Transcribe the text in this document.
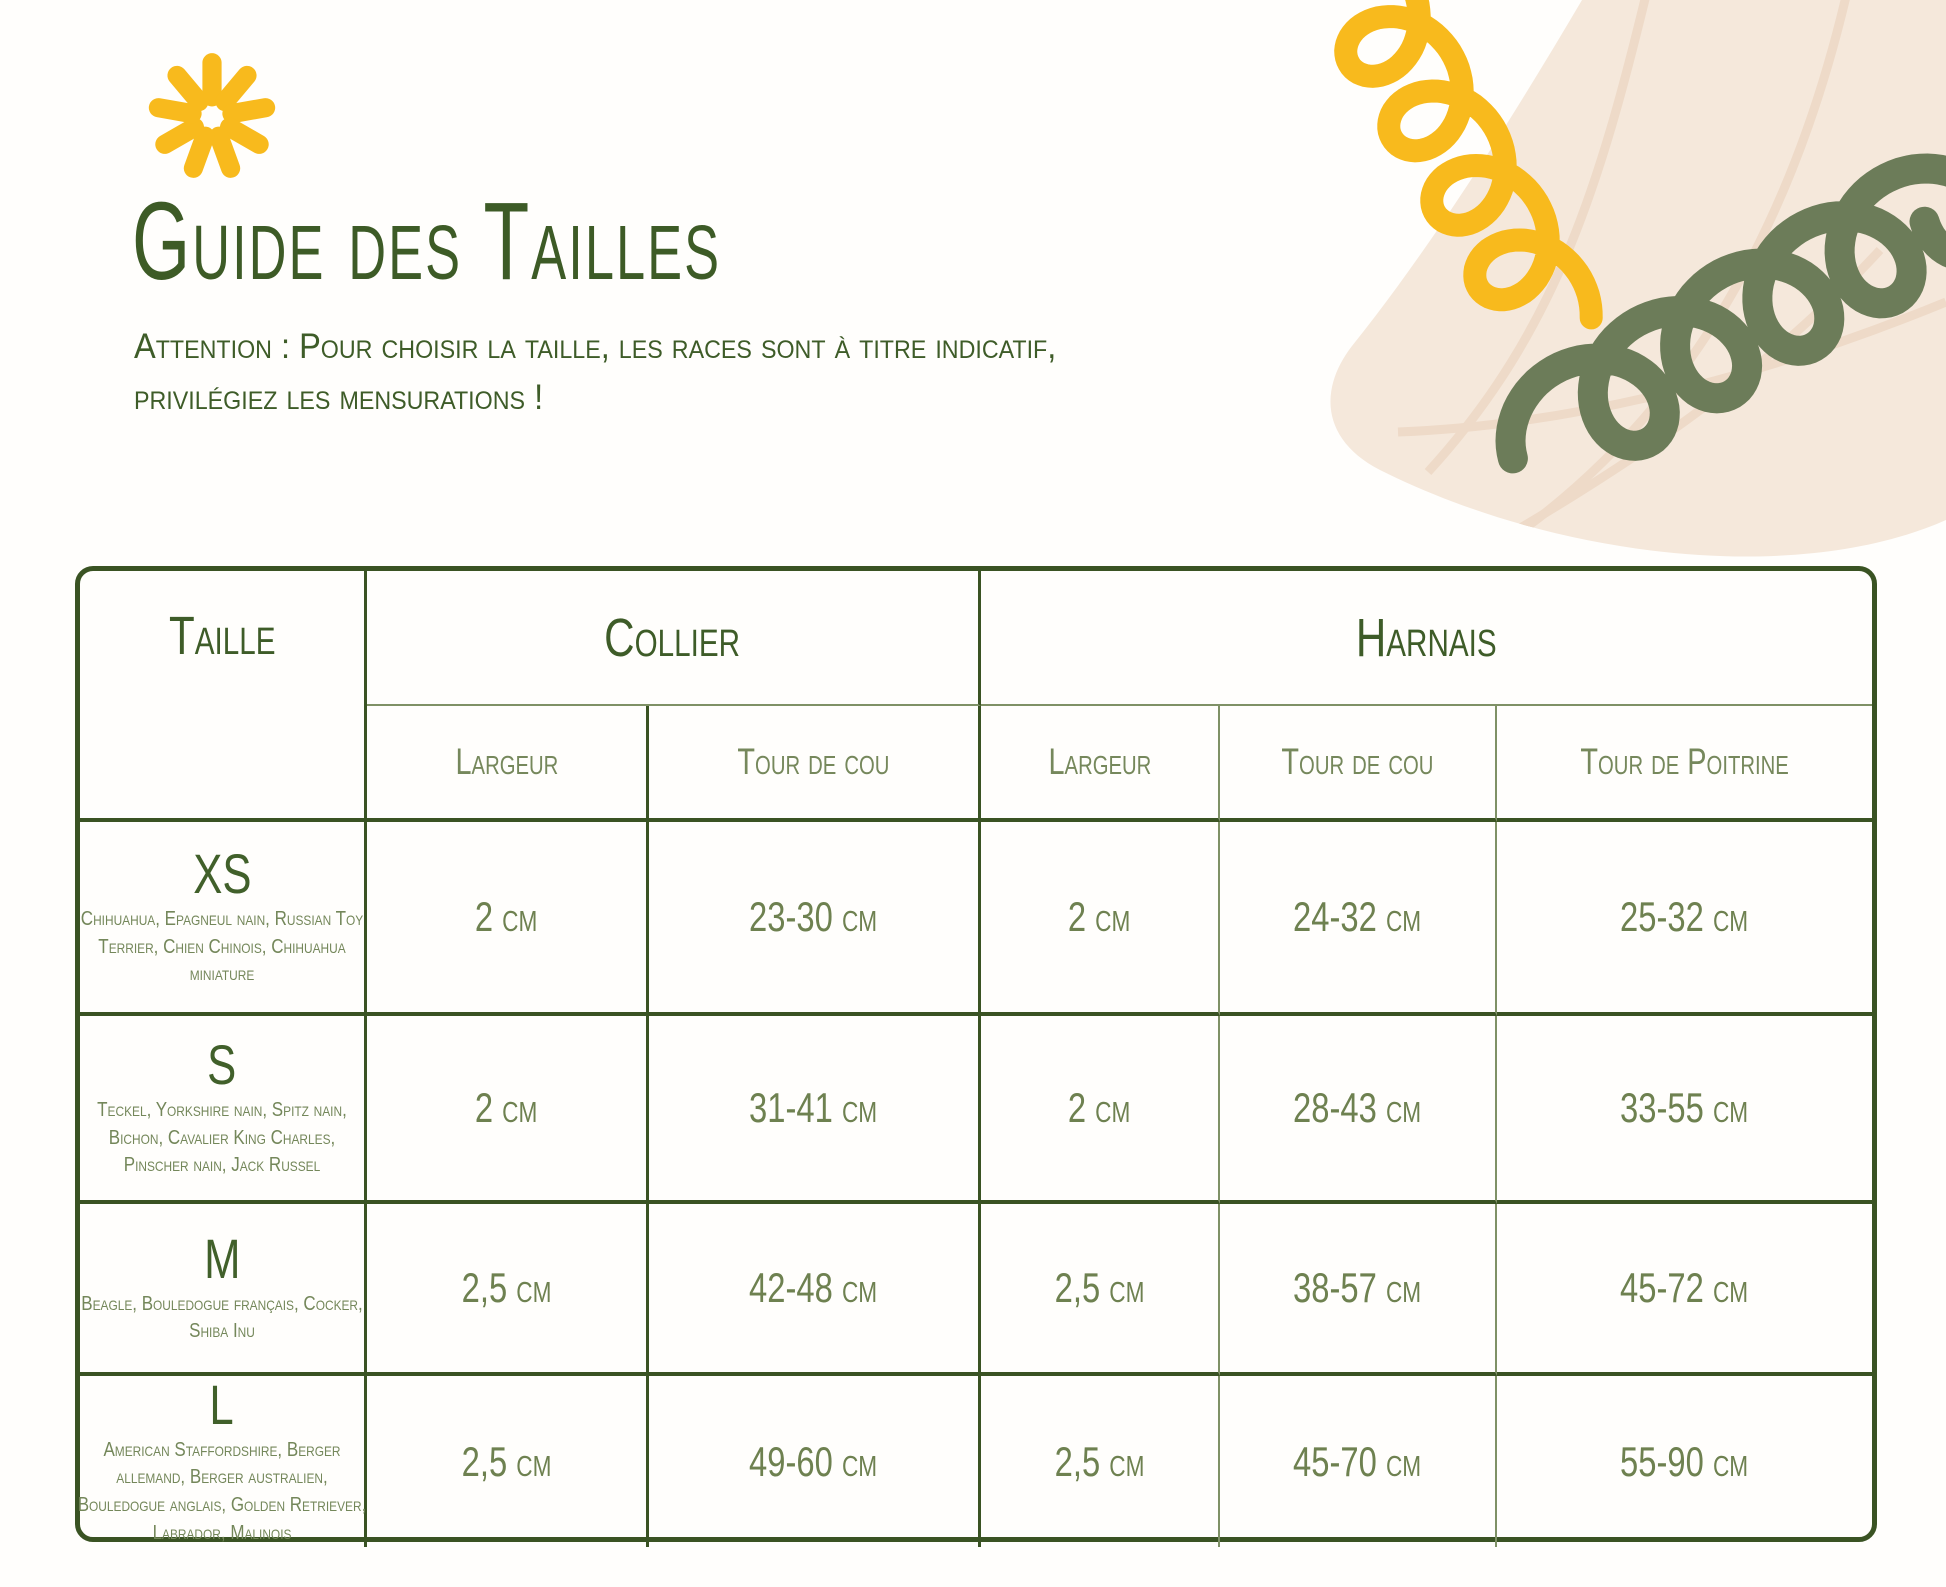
Guide des Tailles
Attention : Pour choisir la taille, les races sont à titre indicatif,
privilégiez les mensurations !
Taille	Collier	Harnais
Largeur	Tour de cou	Largeur	Tour de cou	Tour de Poitrine
XS
Chihuahua, Epagneul nain, Russian Toy Terrier, Chien Chinois, Chihuahua miniature
2 cm	23-30 cm	2 cm	24-32 cm	25-32 cm
S
Teckel, Yorkshire nain, Spitz nain, Bichon, Cavalier King Charles, Pinscher nain, Jack Russel
2 cm	31-41 cm	2 cm	28-43 cm	33-55 cm
M
Beagle, Bouledogue français, Cocker, Shiba Inu
2,5 cm	42-48 cm	2,5 cm	38-57 cm	45-72 cm
L
American Staffordshire, Berger allemand, Berger australien, Bouledogue anglais, Golden Retriever, Labrador, Malinois
2,5 cm	49-60 cm	2,5 cm	45-70 cm	55-90 cm
